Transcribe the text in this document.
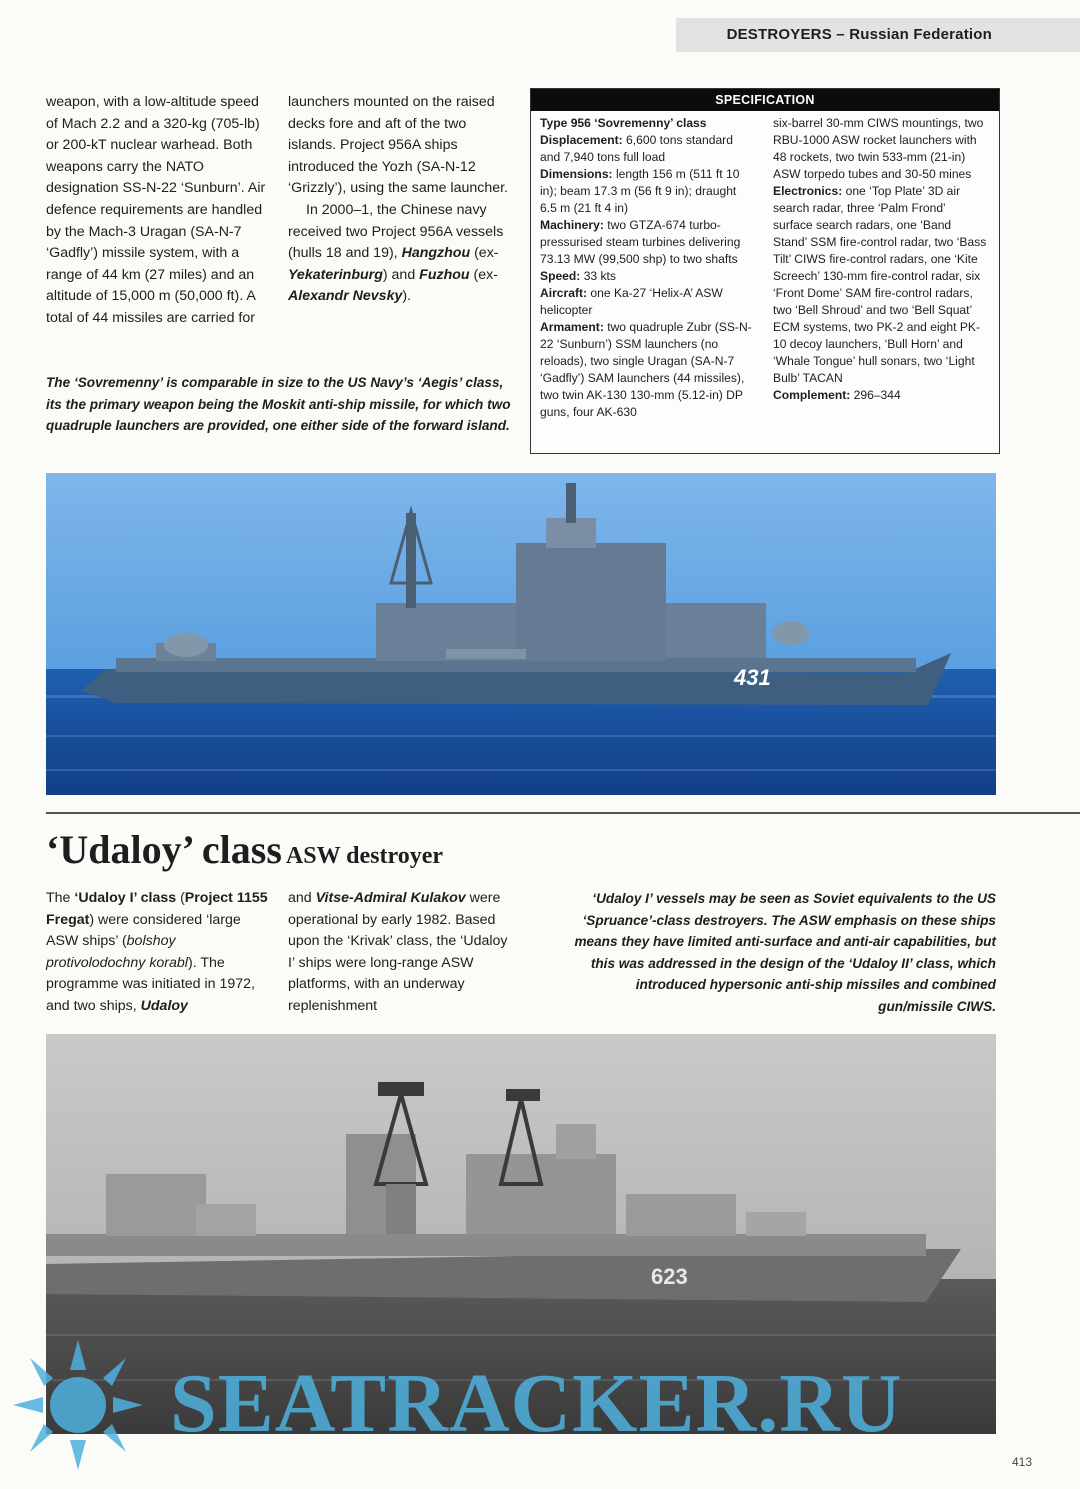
DESTROYERS – Russian Federation

weapon, with a low-altitude speed of Mach 2.2 and a 320-kg (705-lb) or 200-kT nuclear warhead. Both weapons carry the NATO designation SS-N-22 ‘Sunburn’. Air defence requirements are handled by the Mach-3 Uragan (SA-N-7 ‘Gadfly’) missile system, with a range of 44 km (27 miles) and an altitude of 15,000 m (50,000 ft). A total of 44 missiles are carried for

launchers mounted on the raised decks fore and aft of the two islands. Project 956A ships introduced the Yozh (SA-N-12 ‘Grizzly’), using the same launcher.

In 2000–1, the Chinese navy received two Project 956A vessels (hulls 18 and 19), Hangzhou (ex-Yekaterinburg) and Fuzhou (ex-Alexandr Nevsky).

The ‘Sovremenny’ is comparable in size to the US Navy’s ‘Aegis’ class, its the primary weapon being the Moskit anti-ship missile, for which two quadruple launchers are provided, one either side of the forward island.
SPECIFICATION

Type 956 ‘Sovremenny’ class

Displacement: 6,600 tons standard and 7,940 tons full load

Dimensions: length 156 m (511 ft 10 in); beam 17.3 m (56 ft 9 in); draught 6.5 m (21 ft 4 in)

Machinery: two GTZA-674 turbo-pressurised steam turbines delivering 73.13 MW (99,500 shp) to two shafts

Speed: 33 kts

Aircraft: one Ka-27 ‘Helix-A’ ASW helicopter

Armament: two quadruple Zubr (SS-N-22 ‘Sunburn’) SSM launchers (no reloads), two single Uragan (SA-N-7 ‘Gadfly’) SAM launchers (44 missiles), two twin AK-130 130-mm (5.12-in) DP guns, four AK-630

six-barrel 30-mm CIWS mountings, two RBU-1000 ASW rocket launchers with 48 rockets, two twin 533-mm (21-in) ASW torpedo tubes and 30-50 mines

Electronics: one ‘Top Plate’ 3D air search radar, three ‘Palm Frond’ surface search radars, one ‘Band Stand’ SSM fire-control radar, two ‘Bass Tilt’ CIWS fire-control radars, one ‘Kite Screech’ 130-mm fire-control radar, six ‘Front Dome’ SAM fire-control radars, two ‘Bell Shroud’ and two ‘Bell Squat’ ECM systems, two PK-2 and eight PK-10 decoy launchers, ‘Bull Horn’ and ‘Whale Tongue’ hull sonars, two ‘Light Bulb’ TACAN

Complement: 296–344

431
‘Udaloy’ class ASW destroyer

The ‘Udaloy I’ class (Project 1155 Fregat) were considered ‘large ASW ships’ (bolshoy protivolodochny korabl). The programme was initiated in 1972, and two ships, Udaloy

and Vitse-Admiral Kulakov were operational by early 1982. Based upon the ‘Krivak’ class, the ‘Udaloy I’ ships were long-range ASW platforms, with an underway replenishment

‘Udaloy I’ vessels may be seen as Soviet equivalents to the US ‘Spruance’-class destroyers. The ASW emphasis on these ships means they have limited anti-surface and anti-air capabilities, but this was addressed in the design of the ‘Udaloy II’ class, which introduced hypersonic anti-ship missiles and combined gun/missile CIWS.
623
SEATRACKER.RU
413
